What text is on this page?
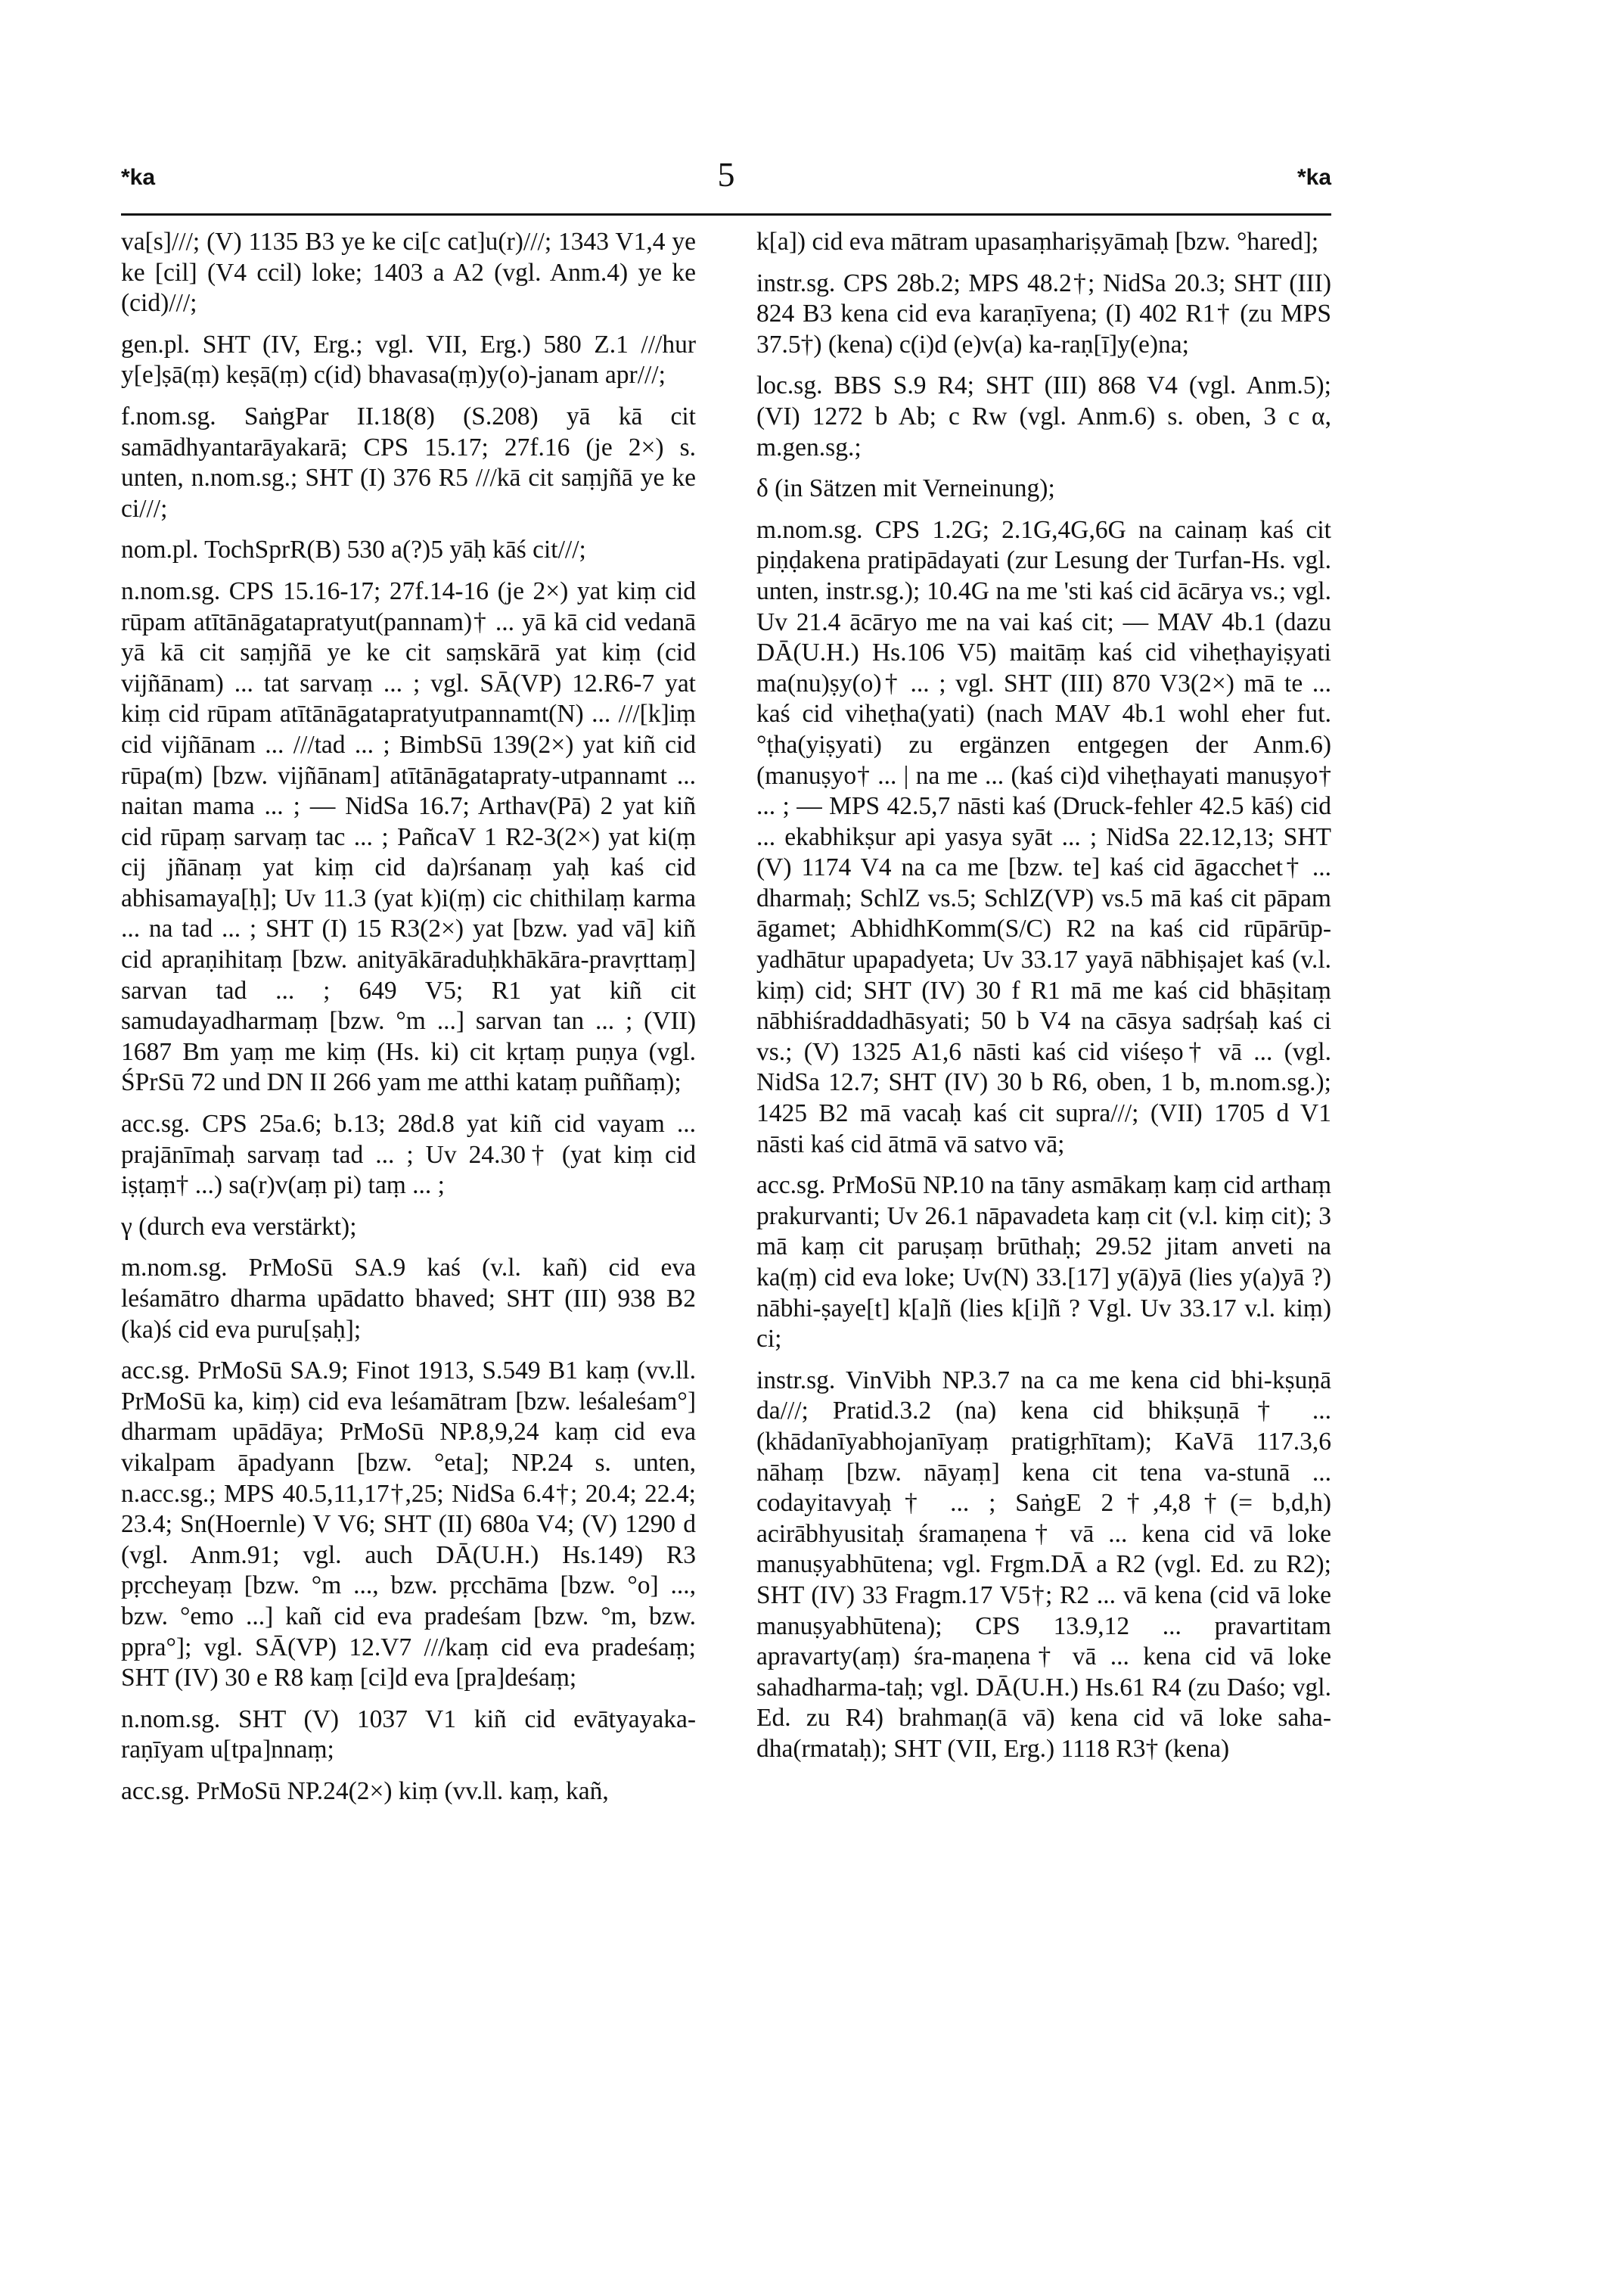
*ka	5	*ka

va[s]///; (V) 1135 B3 ye ke ci[c cat]u(r)///; 1343 V1,4 ye ke [cil] (V4 ccil) loke; 1403 a A2 (vgl. Anm.4) ye ke (cid)///;

gen.pl. SHT (IV, Erg.; vgl. VII, Erg.) 580 Z.1 ///hur y[e]ṣā(ṃ) keṣā(ṃ) c(id) bhavasa(ṃ)y(o)-janam apr///;

f.nom.sg. SaṅgPar II.18(8) (S.208) yā kā cit samādhyantarāyakarā; CPS 15.17; 27f.16 (je 2×) s. unten, n.nom.sg.; SHT (I) 376 R5 ///kā cit saṃjñā ye ke ci///;

nom.pl. TochSprR(B) 530 a(?)5 yāḥ kāś cit///;

n.nom.sg. CPS 15.16-17; 27f.14-16 (je 2×) yat kiṃ cid rūpam atītānāgatapratyut(pannam)† ... yā kā cid vedanā yā kā cit saṃjñā ye ke cit saṃskārā yat kiṃ (cid vijñānam) ... tat sarvaṃ ... ; vgl. SĀ(VP) 12.R6-7 yat kiṃ cid rūpam atītānāgatapratyutpannamt(N) ... ///[k]iṃ cid vijñānam ... ///tad ... ; BimbSū 139(2×) yat kiñ cid rūpa(m) [bzw. vijñānam] atītānāgatapraty-utpannamt ... naitan mama ... ; — NidSa 16.7; Arthav(Pā) 2 yat kiñ cid rūpaṃ sarvaṃ tac ... ; PañcaV 1 R2-3(2×) yat ki(ṃ cij jñānaṃ yat kiṃ cid da)rśanaṃ yaḥ kaś cid abhisamaya[ḥ]; Uv 11.3 (yat k)i(ṃ) cic chithilaṃ karma ... na tad ... ; SHT (I) 15 R3(2×) yat [bzw. yad vā] kiñ cid apraṇihitaṃ [bzw. anityākāraduḥkhākāra-pravṛttaṃ] sarvan tad ... ; 649 V5; R1 yat kiñ cit samudayadharmaṃ [bzw. °m ...] sarvan tan ... ; (VII) 1687 Bm yaṃ me kiṃ (Hs. ki) cit kṛtaṃ puṇya (vgl. ŚPrSū 72 und DN II 266 yam me atthi kataṃ puññaṃ);

acc.sg. CPS 25a.6; b.13; 28d.8 yat kiñ cid vayam ... prajānīmaḥ sarvaṃ tad ... ; Uv 24.30† (yat kiṃ cid iṣṭaṃ† ...) sa(r)v(aṃ pi) taṃ ... ;

γ (durch eva verstärkt);

m.nom.sg. PrMoSū SA.9 kaś (v.l. kañ) cid eva leśamātro dharma upādatto bhaved; SHT (III) 938 B2 (ka)ś cid eva puru[ṣaḥ];

acc.sg. PrMoSū SA.9; Finot 1913, S.549 B1 kaṃ (vv.ll. PrMoSū ka, kiṃ) cid eva leśamātram [bzw. leśaleśam°] dharmam upādāya; PrMoSū NP.8,9,24 kaṃ cid eva vikalpam āpadyann [bzw. °eta]; NP.24 s. unten, n.acc.sg.; MPS 40.5,11,17†,25; NidSa 6.4†; 20.4; 22.4; 23.4; Sn(Hoernle) V V6; SHT (II) 680a V4; (V) 1290 d (vgl. Anm.91; vgl. auch DĀ(U.H.) Hs.149) R3 pṛccheyaṃ [bzw. °m ..., bzw. pṛcchāma [bzw. °o] ..., bzw. °emo ...] kañ cid eva pradeśam [bzw. °m, bzw. ppra°]; vgl. SĀ(VP) 12.V7 ///kaṃ cid eva pradeśaṃ; SHT (IV) 30 e R8 kaṃ [ci]d eva [pra]deśaṃ;

n.nom.sg. SHT (V) 1037 V1 kiñ cid evātyayaka-raṇīyam u[tpa]nnaṃ;

acc.sg. PrMoSū NP.24(2×) kiṃ (vv.ll. kaṃ, kañ,

k[a]) cid eva mātram upasaṃhariṣyāmaḥ [bzw. °hared];

instr.sg. CPS 28b.2; MPS 48.2†; NidSa 20.3; SHT (III) 824 B3 kena cid eva karaṇīyena; (I) 402 R1† (zu MPS 37.5†) (kena) c(i)d (e)v(a) ka-raṇ[ī]y(e)na;

loc.sg. BBS S.9 R4; SHT (III) 868 V4 (vgl. Anm.5); (VI) 1272 b Ab; c Rw (vgl. Anm.6) s. oben, 3 c α, m.gen.sg.;

δ (in Sätzen mit Verneinung);

m.nom.sg. CPS 1.2G; 2.1G,4G,6G na cainaṃ kaś cit piṇḍakena pratipādayati (zur Lesung der Turfan-Hs. vgl. unten, instr.sg.); 10.4G na me 'sti kaś cid ācārya vs.; vgl. Uv 21.4 ācāryo me na vai kaś cit; — MAV 4b.1 (dazu DĀ(U.H.) Hs.106 V5) maitāṃ kaś cid viheṭhayiṣyati ma(nu)ṣy(o)† ... ; vgl. SHT (III) 870 V3(2×) mā te ... kaś cid viheṭha(yati) (nach MAV 4b.1 wohl eher fut. °ṭha(yiṣyati) zu ergänzen entgegen der Anm.6) (manuṣyo† ... | na me ... (kaś ci)d viheṭhayati manuṣyo† ... ; — MPS 42.5,7 nāsti kaś (Druck-fehler 42.5 kāś) cid ... ekabhikṣur api yasya syāt ... ; NidSa 22.12,13; SHT (V) 1174 V4 na ca me [bzw. te] kaś cid āgacchet† ... dharmaḥ; SchlZ vs.5; SchlZ(VP) vs.5 mā kaś cit pāpam āgamet; AbhidhKomm(S/C) R2 na kaś cid rūpārūp-yadhātur upapadyeta; Uv 33.17 yayā nābhiṣajet kaś (v.l. kiṃ) cid; SHT (IV) 30 f R1 mā me kaś cid bhāṣitaṃ nābhiśraddadhāsyati; 50 b V4 na cāsya sadṛśaḥ kaś ci vs.; (V) 1325 A1,6 nāsti kaś cid viśeṣo† vā ... (vgl. NidSa 12.7; SHT (IV) 30 b R6, oben, 1 b, m.nom.sg.); 1425 B2 mā vacaḥ kaś cit supra///; (VII) 1705 d V1 nāsti kaś cid ātmā vā satvo vā;

acc.sg. PrMoSū NP.10 na tāny asmākaṃ kaṃ cid arthaṃ prakurvanti; Uv 26.1 nāpavadeta kaṃ cit (v.l. kiṃ cit); 3 mā kaṃ cit paruṣaṃ brūthaḥ; 29.52 jitam anveti na ka(ṃ) cid eva loke; Uv(N) 33.[17] y(ā)yā (lies y(a)yā ?) nābhi-ṣaye[t] k[a]ñ (lies k[i]ñ ? Vgl. Uv 33.17 v.l. kiṃ) ci;

instr.sg. VinVibh NP.3.7 na ca me kena cid bhi-kṣuṇā da///; Pratid.3.2 (na) kena cid bhikṣuṇā† ... (khādanīyabhojanīyaṃ pratigṛhītam); KaVā 117.3,6 nāhaṃ [bzw. nāyaṃ] kena cit tena va-stunā ... codayitavyaḥ† ... ; SaṅgE 2†,4,8†(= b,d,h) acirābhyusitaḥ śramaṇena† vā ... kena cid vā loke manuṣyabhūtena; vgl. Frgm.DĀ a R2 (vgl. Ed. zu R2); SHT (IV) 33 Fragm.17 V5†; R2 ... vā kena (cid vā loke manuṣyabhūtena); CPS 13.9,12 ... pravartitam apravarty(aṃ) śra-maṇena† vā ... kena cid vā loke sahadharma-taḥ; vgl. DĀ(U.H.) Hs.61 R4 (zu Daśo; vgl. Ed. zu R4) brahmaṇ(ā vā) kena cid vā loke saha-dha(rmataḥ); SHT (VII, Erg.) 1118 R3† (kena)
